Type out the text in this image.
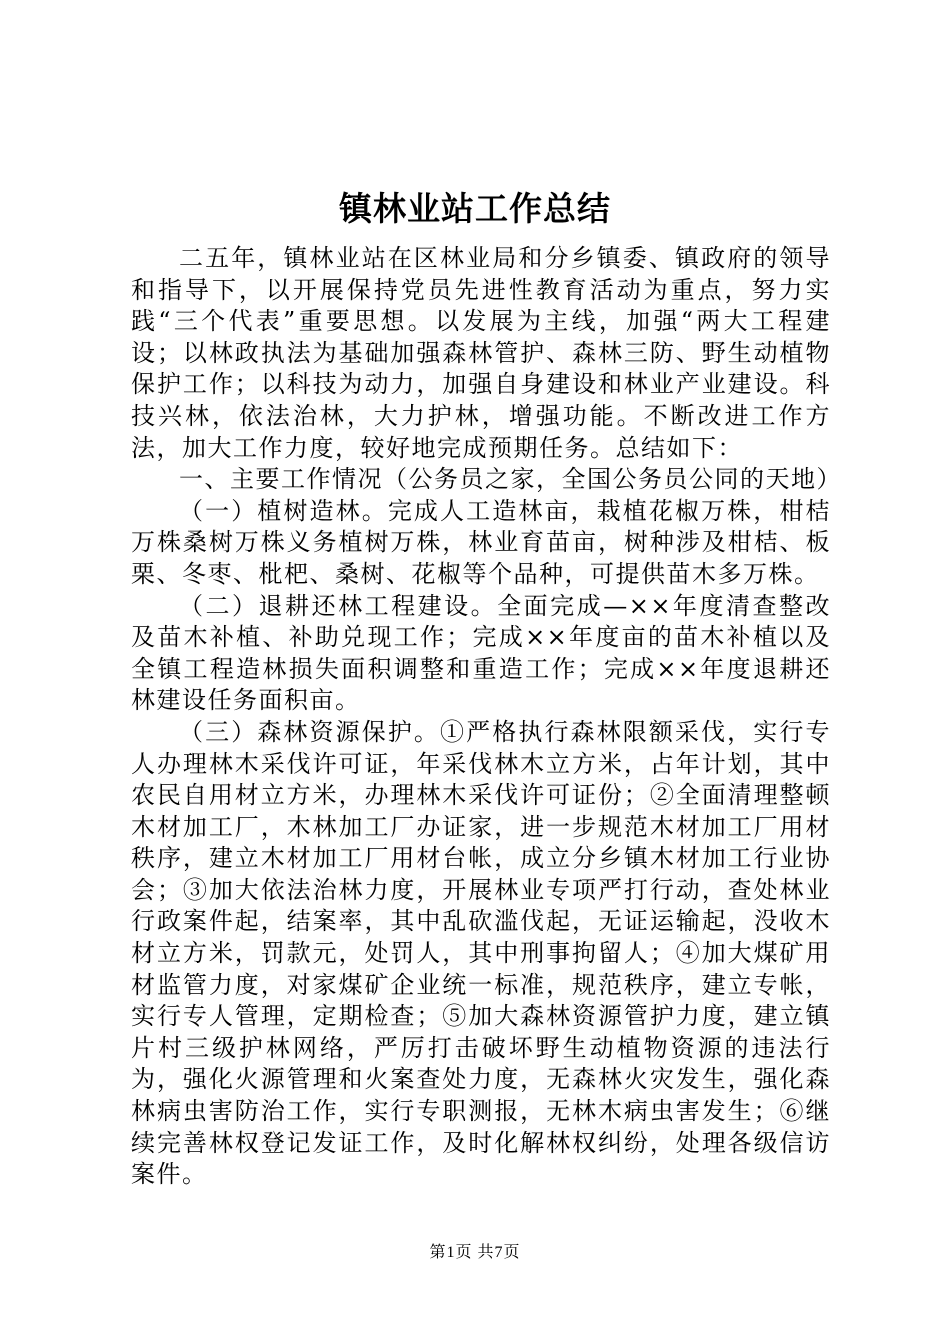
镇林业站工作总结

二五年，镇林业站在区林业局和分乡镇委、镇政府的领导和指导下，以开展保持党员先进性教育活动为重点，努力实践“三个代表”重要思想。以发展为主线，加强“两大工程建设；以林政执法为基础加强森林管护、森林三防、野生动植物保护工作；以科技为动力，加强自身建设和林业产业建设。科技兴林，依法治林，大力护林，增强功能。不断改进工作方法，加大工作力度，较好地完成预期任务。总结如下：

一、主要工作情况（公务员之家，全国公务员公同的天地）

（一）植树造林。完成人工造林亩，栽植花椒万株，柑桔万株桑树万株义务植树万株，林业育苗亩，树种涉及柑桔、板栗、冬枣、枇杷、桑树、花椒等个品种，可提供苗木多万株。

（二）退耕还林工程建设。全面完成—××年度清查整改及苗木补植、补助兑现工作；完成××年度亩的苗木补植以及全镇工程造林损失面积调整和重造工作；完成××年度退耕还林建设任务面积亩。

（三）森林资源保护。①严格执行森林限额采伐，实行专人办理林木采伐许可证，年采伐林木立方米，占年计划，其中农民自用材立方米，办理林木采伐许可证份；②全面清理整顿木材加工厂，木林加工厂办证家，进一步规范木材加工厂用材秩序，建立木材加工厂用材台帐，成立分乡镇木材加工行业协会；③加大依法治林力度，开展林业专项严打行动，查处林业行政案件起，结案率，其中乱砍滥伐起，无证运输起，没收木材立方米，罚款元，处罚人，其中刑事拘留人；④加大煤矿用材监管力度，对家煤矿企业统一标准，规范秩序，建立专帐，实行专人管理，定期检查；⑤加大森林资源管护力度，建立镇片村三级护林网络，严厉打击破坏野生动植物资源的违法行为，强化火源管理和火案查处力度，无森林火灾发生，强化森林病虫害防治工作，实行专职测报，无林木病虫害发生；⑥继续完善林权登记发证工作，及时化解林权纠纷，处理各级信访案件。

第1页 共7页
